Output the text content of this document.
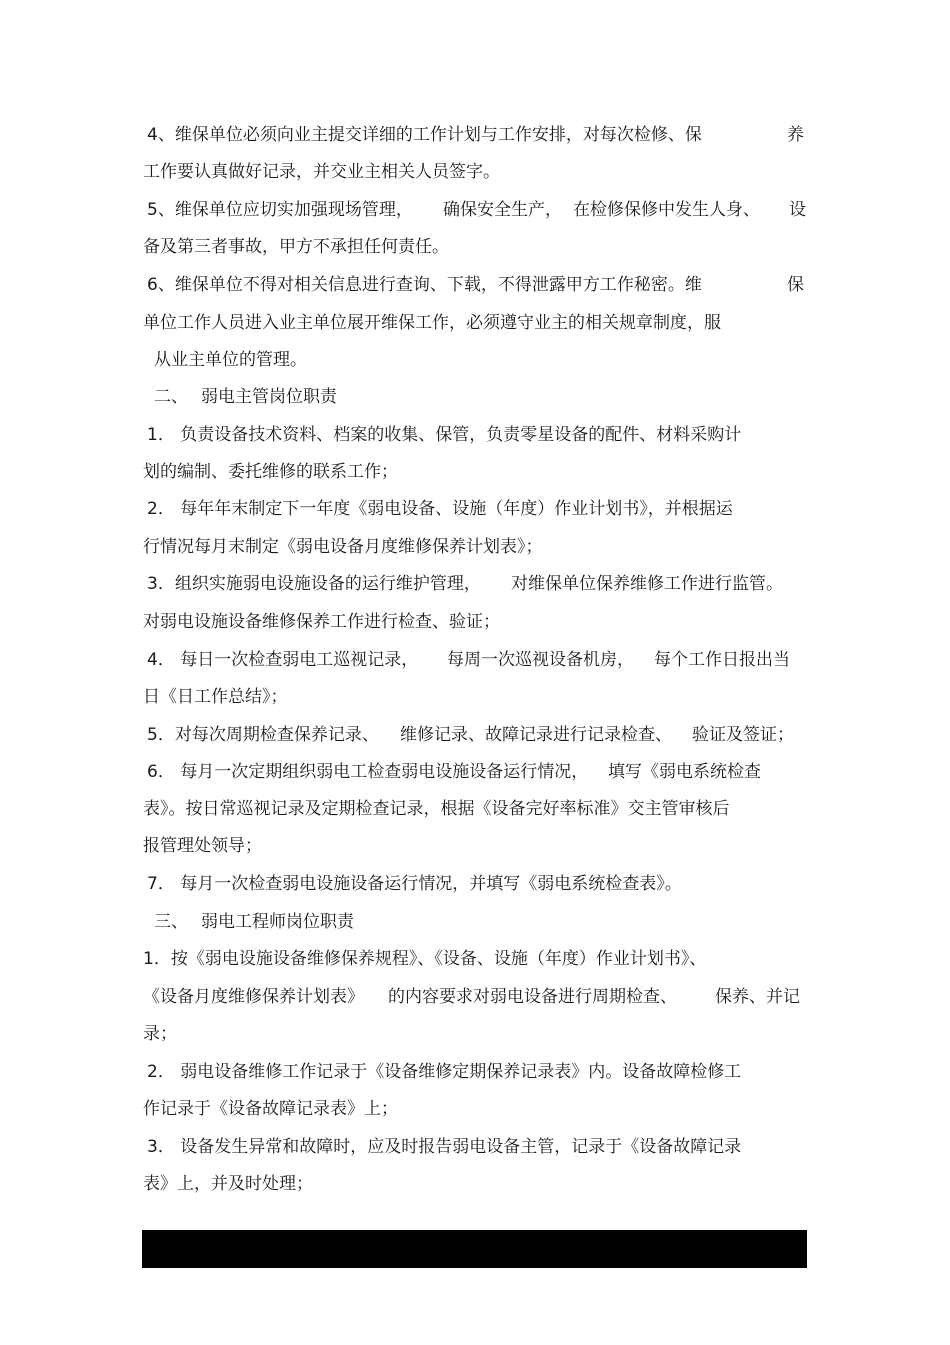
4、维保单位必须向业主提交详细的工作计划与工作安排，对每次检修、保	养
工作要认真做好记录，并交业主相关人员签字。
5、维保单位应切实加强现场管理， 确保安全生产， 在检修保修中发生人身、 设
备及第三者事故，甲方不承担任何责任。
6、维保单位不得对相关信息进行查询、下载，不得泄露甲方工作秘密。维	保
单位工作人员进入业主单位展开维保工作，必须遵守业主的相关规章制度，服
从业主单位的管理。
二、 弱电主管岗位职责
1． 负责设备技术资料、档案的收集、保管，负责零星设备的配件、材料采购计
划的编制、委托维修的联系工作；
2． 每年年末制定下一年度《弱电设备、设施（年度）作业计划书》，并根据运
行情况每月末制定《弱电设备月度维修保养计划表》；
3．组织实施弱电设施设备的运行维护管理， 对维保单位保养维修工作进行监管。
对弱电设施设备维修保养工作进行检查、验证；
4． 每日一次检查弱电工巡视记录， 每周一次巡视设备机房， 每个工作日报出当
日《日工作总结》；
5．对每次周期检查保养记录、 维修记录、故障记录进行记录检查、 验证及签证；
6． 每月一次定期组织弱电工检查弱电设施设备运行情况， 填写《弱电系统检查
表》。按日常巡视记录及定期检查记录，根据《设备完好率标准》交主管审核后
报管理处领导；
7． 每月一次检查弱电设施设备运行情况，并填写《弱电系统检查表》。
三、 弱电工程师岗位职责
1．按《弱电设施设备维修保养规程》、《设备、设施（年度）作业计划书》、
《设备月度维修保养计划表》 的内容要求对弱电设备进行周期检查、 保养、并记
录；
2． 弱电设备维修工作记录于《设备维修定期保养记录表》内。设备故障检修工
作记录于《设备故障记录表》上；
3． 设备发生异常和故障时，应及时报告弱电设备主管，记录于《设备故障记录
表》上，并及时处理；
